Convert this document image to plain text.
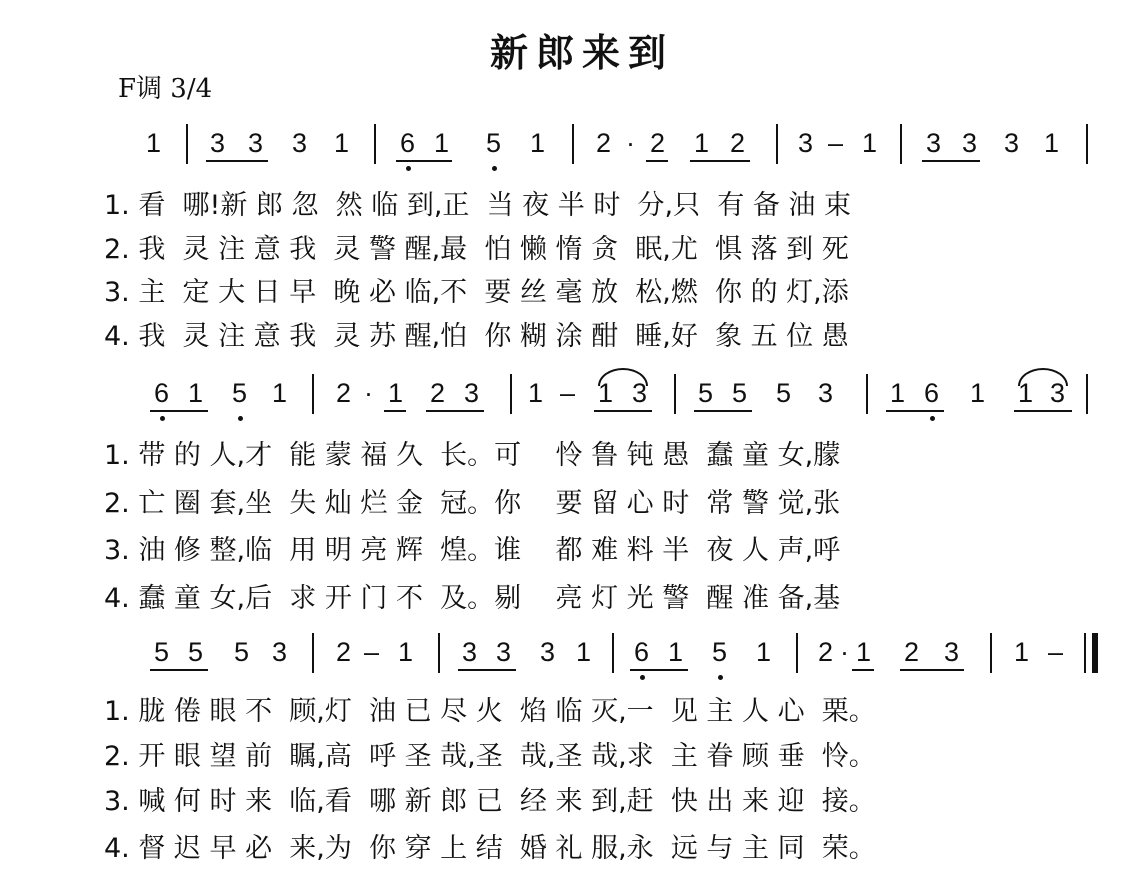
新郎来到
F调 3/4
1 3 3 3 1 6 1 5 1 2 · 2 1 2 3 – 1 3 3 3 1
1. 看  哪!新 郎 忽  然 临 到,正  当 夜 半 时  分,只  有 备 油 束
2. 我  灵 注 意 我  灵 警 醒,最  怕 懒 惰 贪  眠,尤  惧 落 到 死
3. 主  定 大 日 早  晚 必 临,不  要 丝 毫 放  松,燃  你 的 灯,添
4. 我  灵 注 意 我  灵 苏 醒,怕  你 糊 涂 酣  睡,好  象 五 位 愚
6 1 5 1 2 · 1 2 3 1 – 1 3 5 5 5 3 1 6 1 1 3
1. 带 的 人,才  能 蒙 福 久  长。可    怜 鲁 钝 愚  蠢 童 女,朦
2. 亡 圈 套,坐  失 灿 烂 金  冠。你    要 留 心 时  常 警 觉,张
3. 油 修 整,临  用 明 亮 辉  煌。谁    都 难 料 半  夜 人 声,呼
4. 蠢 童 女,后  求 开 门 不  及。剔    亮 灯 光 警  醒 准 备,基
5 5 5 3 2 – 1 3 3 3 1 6 1 5 1 2 · 1 2 3 1 –
1. 胧 倦 眼 不  顾,灯  油 已 尽 火  焰 临 灭,一  见 主 人 心  栗。
2. 开 眼 望 前  瞩,高  呼 圣 哉,圣  哉,圣 哉,求  主 眷 顾 垂  怜。
3. 喊 何 时 来  临,看  哪 新 郎 已  经 来 到,赶  快 出 来 迎  接。
4. 督 迟 早 必  来,为  你 穿 上 结  婚 礼 服,永  远 与 主 同  荣。
